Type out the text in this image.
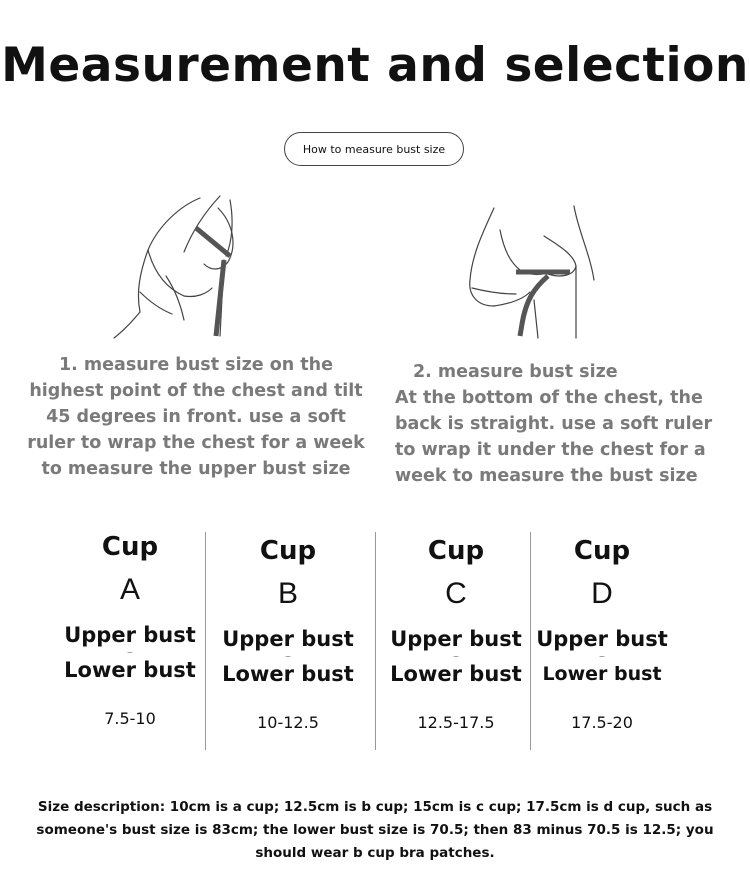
Measurement and selection
How to measure bust size
1. measure bust size on the
highest point of the chest and tilt
45 degrees in front. use a soft
ruler to wrap the chest for a week
to measure the upper bust size
2. measure bust size
At the bottom of the chest, the
back is straight. use a soft ruler
to wrap it under the chest for a
week to measure the bust size
Cup
A
Upper bust
–
Lower bust
7.5-10
Cup
B
Upper bust
–
Lower bust
10-12.5
Cup
C
Upper bust
–
Lower bust
12.5-17.5
Cup
D
Upper bust
–
Lower bust
17.5-20
Size description: 10cm is a cup; 12.5cm is b cup; 15cm is c cup; 17.5cm is d cup, such as
someone's bust size is 83cm; the lower bust size is 70.5; then 83 minus 70.5 is 12.5; you
should wear b cup bra patches.
